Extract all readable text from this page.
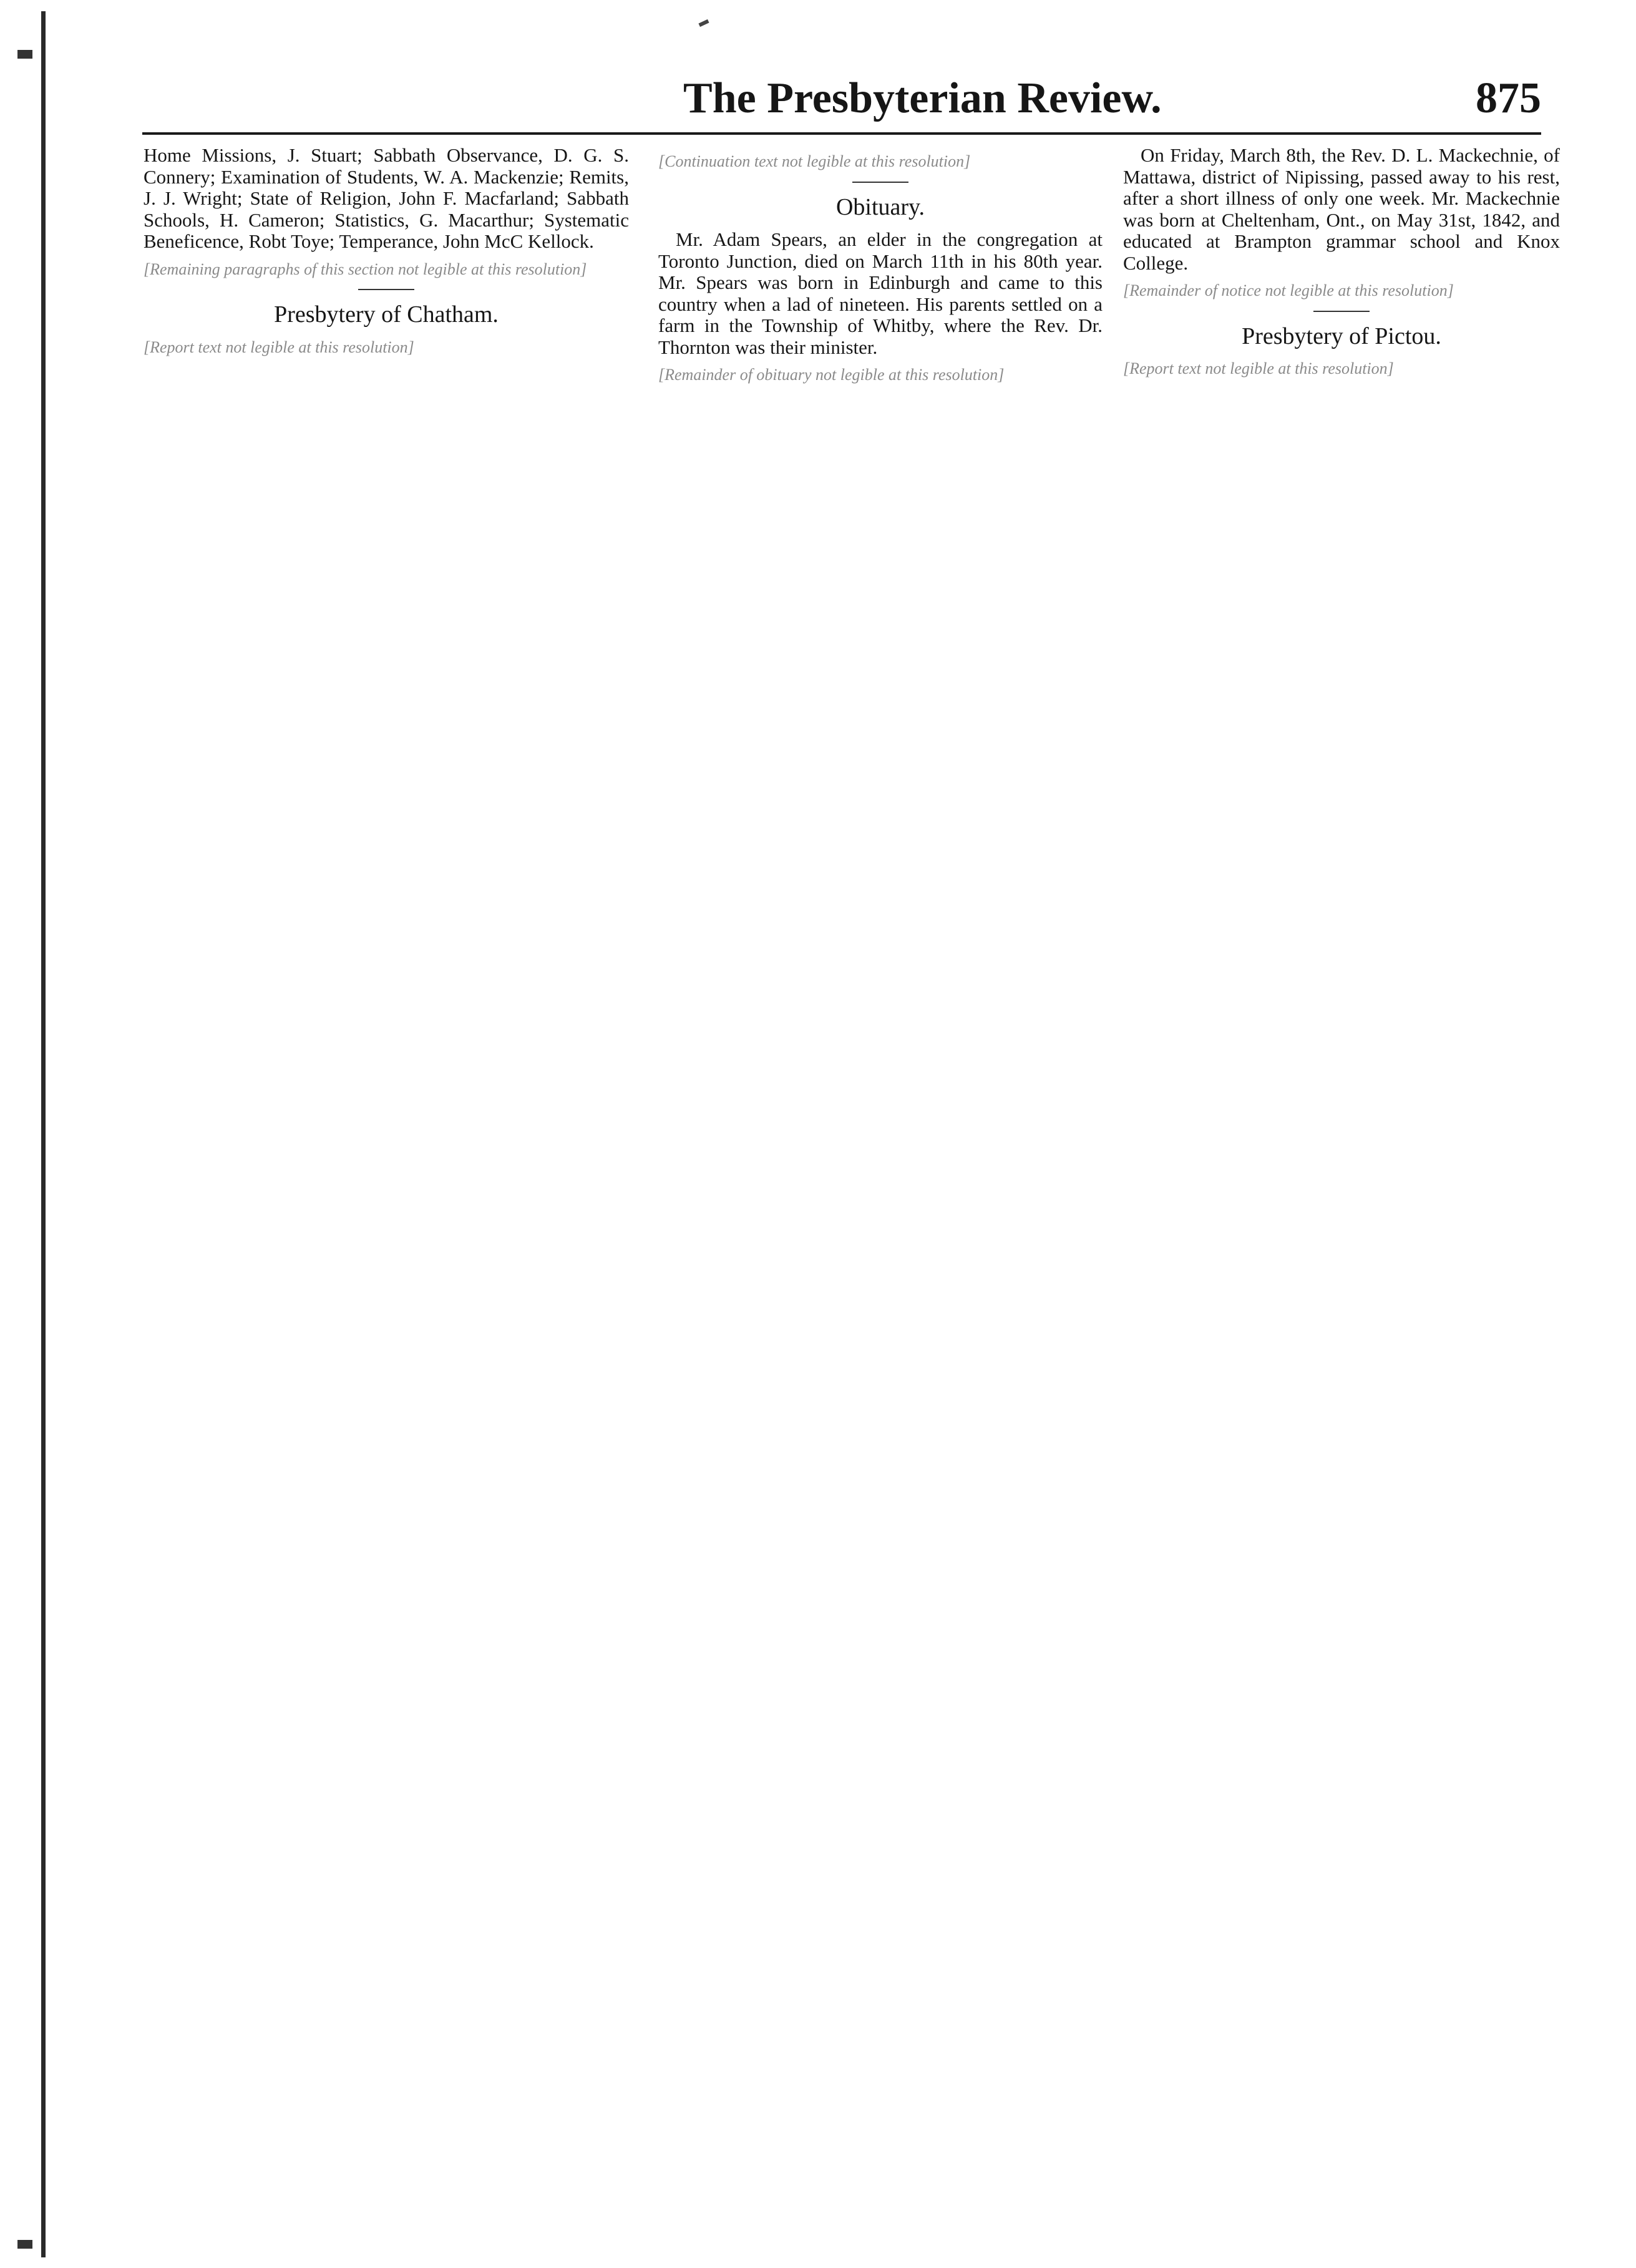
The Presbyterian Review.	875

Home Missions, J. Stuart; Sabbath Observance, D. G. S. Connery; Examination of Students, W. A. Mackenzie; Remits, J. J. Wright; State of Religion, John F. Macfarland; Sabbath Schools, H. Cameron; Statistics, G. Macarthur; Systematic Beneficence, Robt Toye; Temperance, John McC Kellock.

[Remaining paragraphs of this section not legible at this resolution]
Presbytery of Chatham.
[Report text not legible at this resolution]
[Continuation text not legible at this resolution]
Obituary.

Mr. Adam Spears, an elder in the congregation at Toronto Junction, died on March 11th in his 80th year. Mr. Spears was born in Edinburgh and came to this country when a lad of nineteen. His parents settled on a farm in the Township of Whitby, where the Rev. Dr. Thornton was their minister.

[Remainder of obituary not legible at this resolution]

On Friday, March 8th, the Rev. D. L. Mackechnie, of Mattawa, district of Nipissing, passed away to his rest, after a short illness of only one week. Mr. Mackechnie was born at Cheltenham, Ont., on May 31st, 1842, and educated at Brampton grammar school and Knox College.

[Remainder of notice not legible at this resolution]
Presbytery of Pictou.
[Report text not legible at this resolution]
